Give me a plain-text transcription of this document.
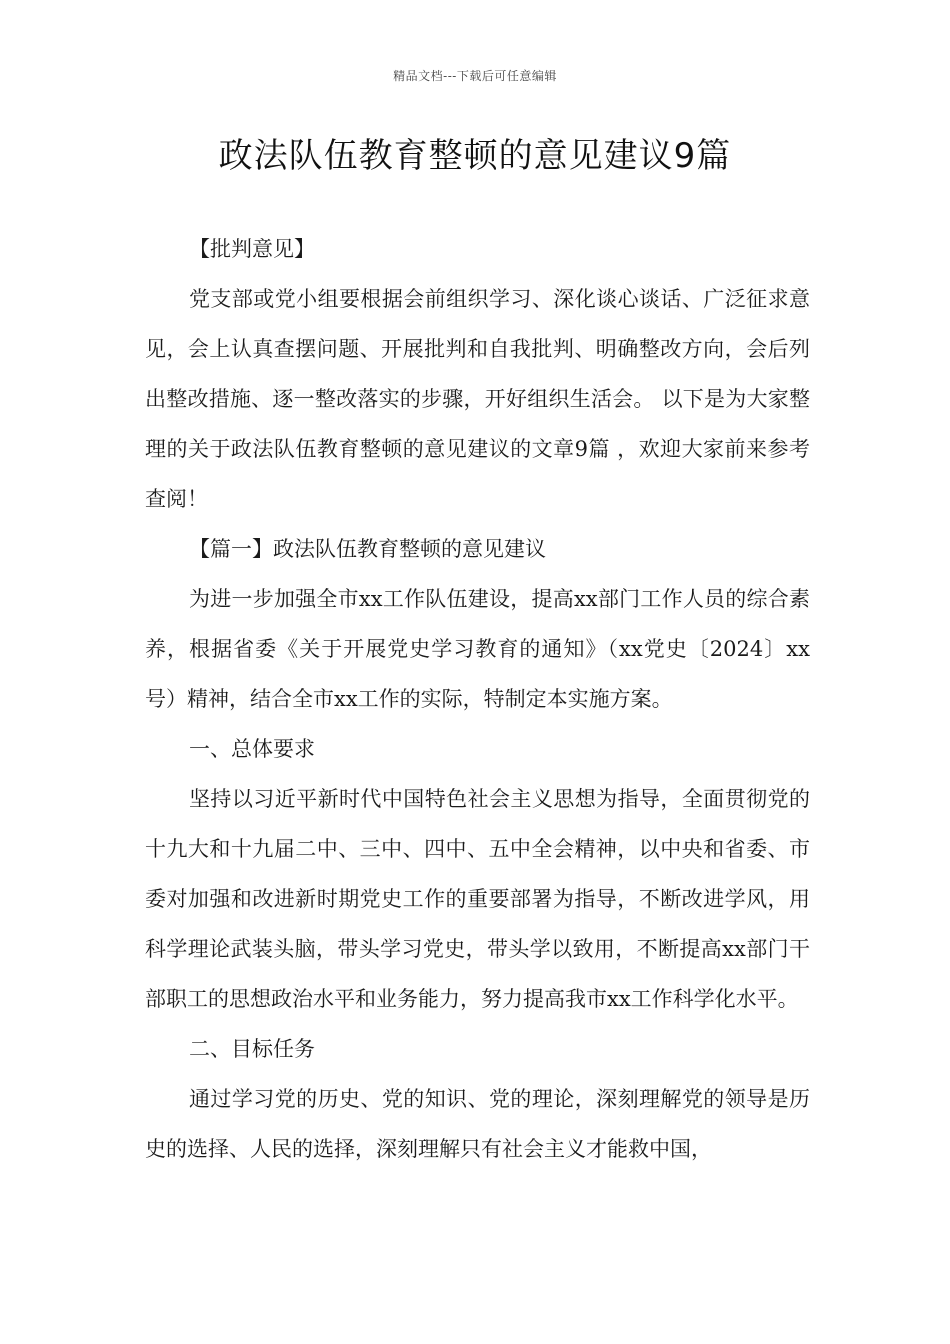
精品文档---下载后可任意编辑
政法队伍教育整顿的意见建议9篇

【批判意见】

党支部或党小组要根据会前组织学习、深化谈心谈话、广泛征求意见，会上认真查摆问题、开展批判和自我批判、明确整改方向，会后列出整改措施、逐一整改落实的步骤，开好组织生活会。 以下是为大家整理的关于政法队伍教育整顿的意见建议的文章9篇 ，欢迎大家前来参考查阅！

【篇一】政法队伍教育整顿的意见建议

为进一步加强全市xx工作队伍建设，提高xx部门工作人员的综合素养，根据省委《关于开展党史学习教育的通知》（xx党史〔2024〕xx号）精神，结合全市xx工作的实际，特制定本实施方案。

一、总体要求

坚持以习近平新时代中国特色社会主义思想为指导，全面贯彻党的十九大和十九届二中、三中、四中、五中全会精神，以中央和省委、市委对加强和改进新时期党史工作的重要部署为指导，不断改进学风，用科学理论武装头脑，带头学习党史，带头学以致用，不断提高xx部门干部职工的思想政治水平和业务能力，努力提高我市xx工作科学化水平。

二、目标任务

通过学习党的历史、党的知识、党的理论，深刻理解党的领导是历史的选择、人民的选择，深刻理解只有社会主义才能救中国，
